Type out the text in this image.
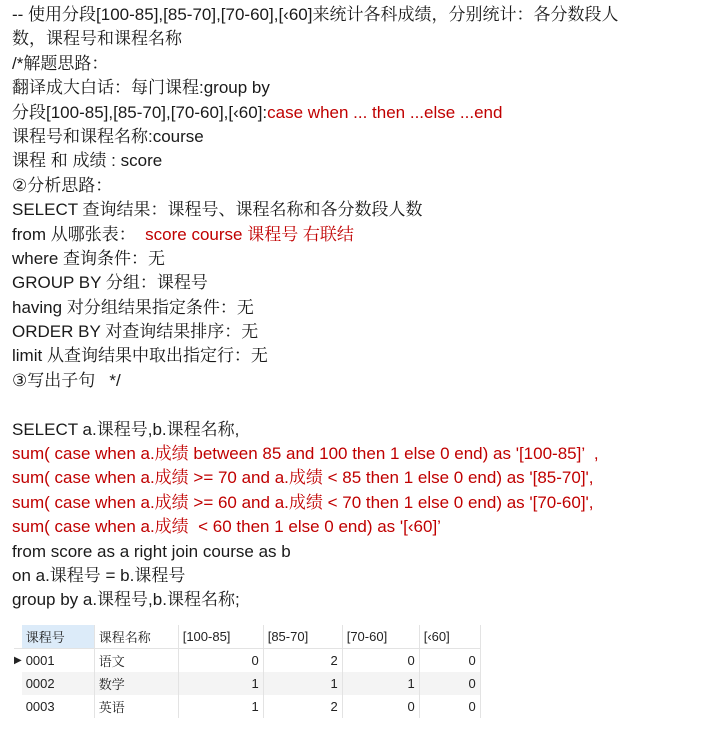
-- 使用分段[100-85],[85-70],[70-60],[‹60]来统计各科成绩，分别统计：各分数段人
数，课程号和课程名称
/*解题思路：
翻译成大白话：每门课程:group by
分段[100-85],[85-70],[70-60],[‹60]:case when ... then ...else ...end
课程号和课程名称:course
课程 和 成绩 : score
②分析思路：
SELECT 查询结果：课程号、课程名称和各分数段人数
from 从哪张表：  score course 课程号 右联结
where 查询条件：无
GROUP BY 分组：课程号
having 对分组结果指定条件：无
ORDER BY 对查询结果排序：无
limit 从查询结果中取出指定行：无
③写出子句   */
SELECT a.课程号,b.课程名称,
sum( case when a.成绩 between 85 and 100 then 1 else 0 end) as '[100-85]’  ,
sum( case when a.成绩 >= 70 and a.成绩 < 85 then 1 else 0 end) as '[85-70]',
sum( case when a.成绩 >= 60 and a.成绩 < 70 then 1 else 0 end) as '[70-60]',
sum( case when a.成绩  < 60 then 1 else 0 end) as '[‹60]’
from score as a right join course as b
on a.课程号 = b.课程号
group by a.课程号,b.课程名称;
	课程号	课程名称	[100-85]	[85-70]	[70-60]	[‹60]
▶	0001	语文	0	2	0	0
	0002	数学	1	1	1	0
	0003	英语	1	2	0	0
